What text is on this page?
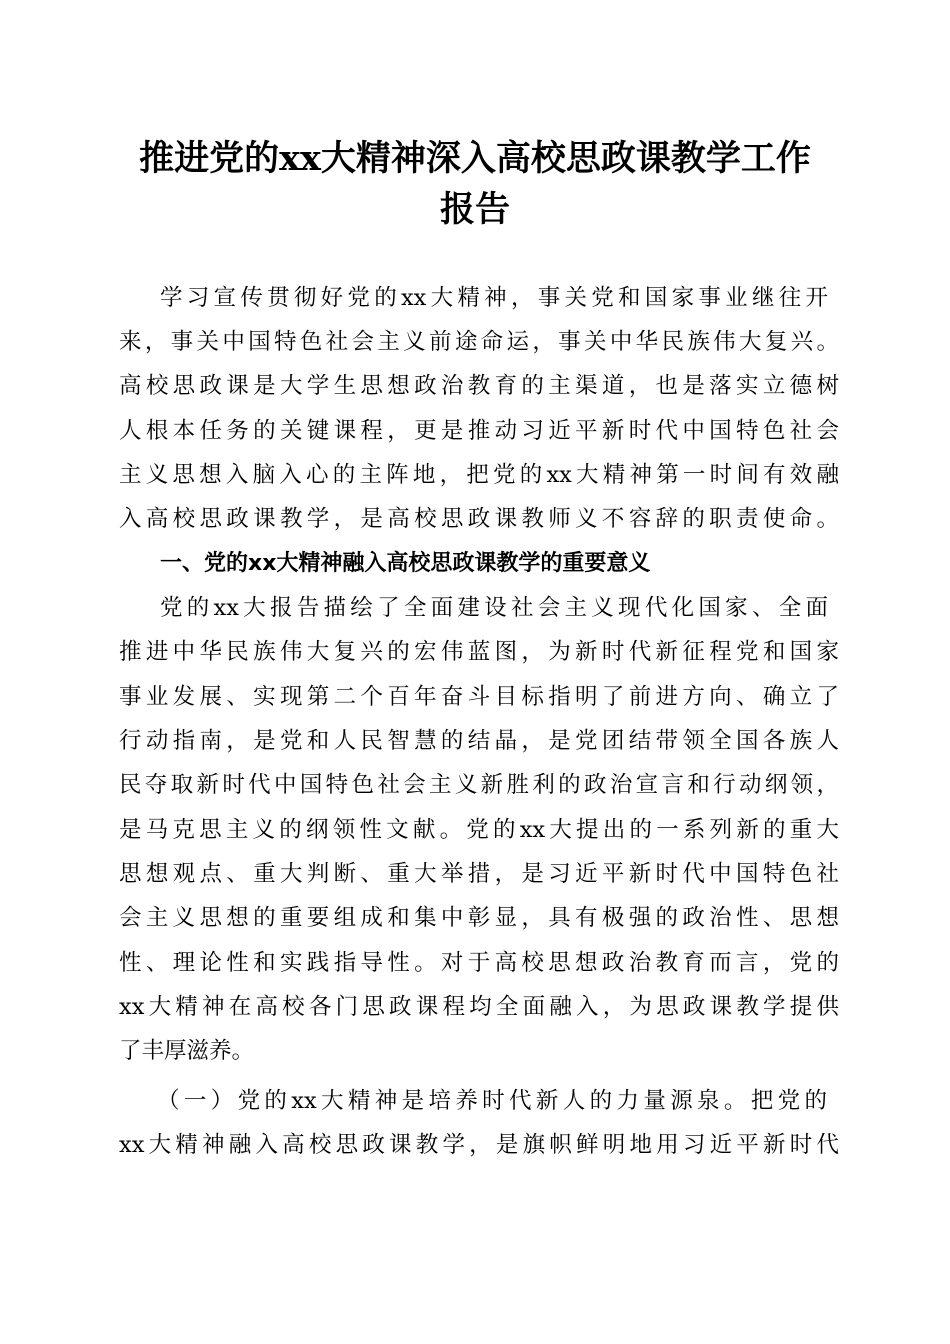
推进党的xx大精神深入高校思政课教学工作
报告
学习宣传贯彻好党的xx大精神，事关党和国家事业继往开
来，事关中国特色社会主义前途命运，事关中华民族伟大复兴。
高校思政课是大学生思想政治教育的主渠道，也是落实立德树
人根本任务的关键课程，更是推动习近平新时代中国特色社会
主义思想入脑入心的主阵地，把党的xx大精神第一时间有效融
入高校思政课教学，是高校思政课教师义不容辞的职责使命。
一、党的xx大精神融入高校思政课教学的重要意义
党的xx大报告描绘了全面建设社会主义现代化国家、全面
推进中华民族伟大复兴的宏伟蓝图，为新时代新征程党和国家
事业发展、实现第二个百年奋斗目标指明了前进方向、确立了
行动指南，是党和人民智慧的结晶，是党团结带领全国各族人
民夺取新时代中国特色社会主义新胜利的政治宣言和行动纲领，
是马克思主义的纲领性文献。党的xx大提出的一系列新的重大
思想观点、重大判断、重大举措，是习近平新时代中国特色社
会主义思想的重要组成和集中彰显，具有极强的政治性、思想
性、理论性和实践指导性。对于高校思想政治教育而言，党的
xx大精神在高校各门思政课程均全面融入，为思政课教学提供
了丰厚滋养。
（一）党的xx大精神是培养时代新人的力量源泉。把党的
xx大精神融入高校思政课教学，是旗帜鲜明地用习近平新时代
